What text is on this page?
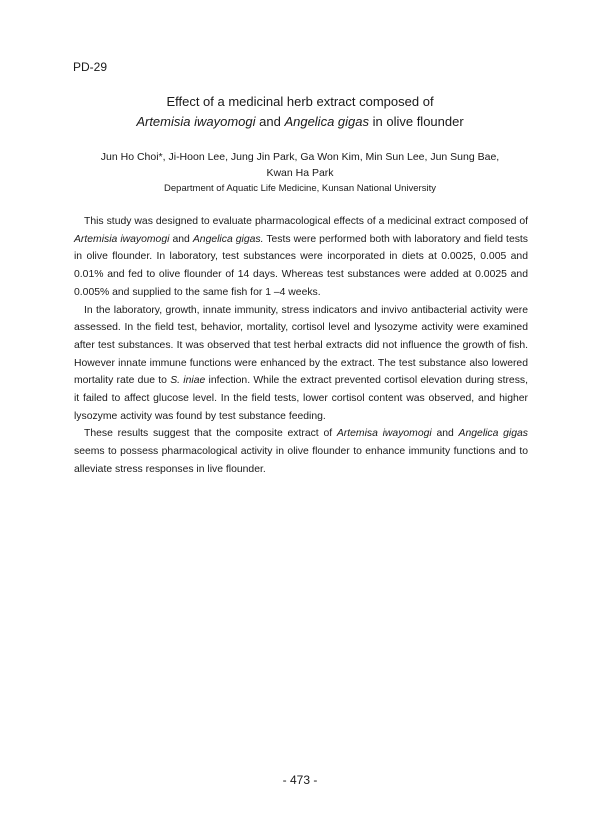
PD-29
Effect of a medicinal herb extract composed of
Artemisia iwayomogi and Angelica gigas in olive flounder
Jun Ho Choi*, Ji-Hoon Lee, Jung Jin Park, Ga Won Kim, Min Sun Lee, Jun Sung Bae,
Kwan Ha Park
Department of Aquatic Life Medicine, Kunsan National University

This study was designed to evaluate pharmacological effects of a medicinal extract composed of Artemisia iwayomogi and Angelica gigas. Tests were performed both with laboratory and field tests in olive flounder. In laboratory, test substances were incorporated in diets at 0.0025, 0.005 and 0.01% and fed to olive flounder of 14 days. Whereas test substances were added at 0.0025 and 0.005% and supplied to the same fish for 1 –4 weeks.

In the laboratory, growth, innate immunity, stress indicators and invivo antibacterial activity were assessed. In the field test, behavior, mortality, cortisol level and lysozyme activity were examined after test substances. It was observed that test herbal extracts did not influence the growth of fish. However innate immune functions were enhanced by the extract. The test substance also lowered mortality rate due to S. iniae infection. While the extract prevented cortisol elevation during stress, it failed to affect glucose level. In the field tests, lower cortisol content was observed, and higher lysozyme activity was found by test substance feeding.

These results suggest that the composite extract of Artemisa iwayomogi and Angelica gigas seems to possess pharmacological activity in olive flounder to enhance immunity functions and to alleviate stress responses in live flounder.

- 473 -
